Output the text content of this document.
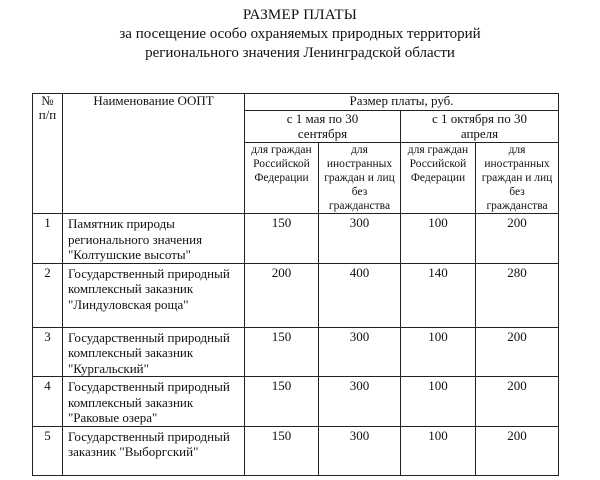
РАЗМЕР ПЛАТЫ
за посещение особо охраняемых природных территорий
регионального значения Ленинградской области
№ п/п	Наименование ООПТ	Размер платы, руб.			
		с 1 мая по 30 сентября		с 1 октября по 30 апреля	
		для граждан Российской Федерации	для иностранных граждан и лиц без гражданства	для граждан Российской Федерации	для иностранных граждан и лиц без гражданства
1	Памятник природы регионального значения "Колтушские высоты"	150	300	100	200
2	Государственный природный комплексный заказник "Линдуловская роща"	200	400	140	280
3	Государственный природный комплексный заказник "Кургальский"	150	300	100	200
4	Государственный природный комплексный заказник "Раковые озера"	150	300	100	200
5	Государственный природный заказник "Выборгский"	150	300	100	200
